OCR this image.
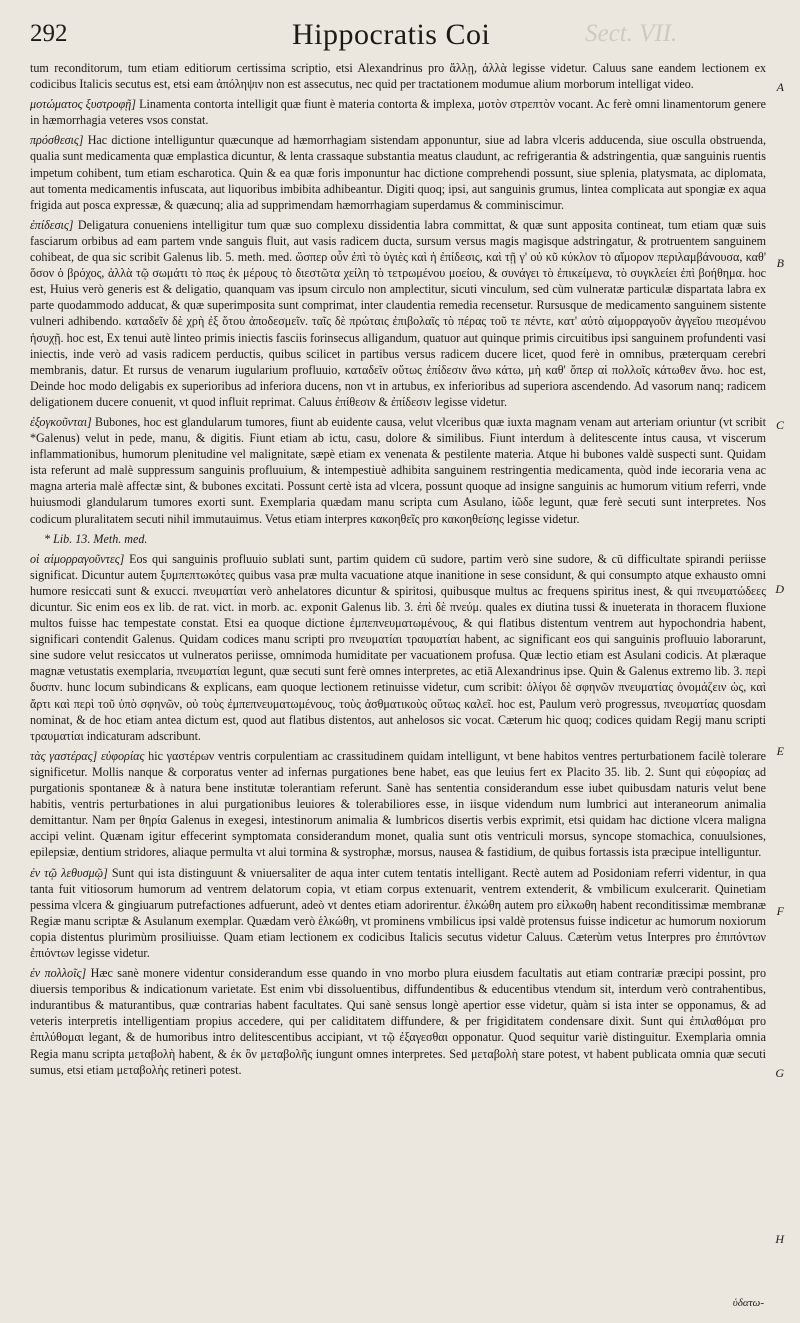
292	Hippocratis Coi	Sect. VII.

tum reconditorum, tum etiam editiorum certissima scriptio, etsi Alexandrinus pro ἄλλῃ, ἀλλὰ legisse videtur. Caluus sane eandem lectionem ex codicibus Italicis secutus est, etsi eam ἀπόληψιν non est assecutus, nec quid per tractationem modumue alium morborum intelligat video.

μοτώματος ξυστροφῇ] Linamenta contorta intelligit quæ fiunt è materia contorta & implexa, μοτὸν στρεπτὸν vocant. Ac ferè omni linamentorum genere in hæmorrhagia veteres vsos constat.

πρόσθεσις] Hac dictione intelliguntur quæcunque ad hæmorrhagiam sistendam apponuntur, siue ad labra vlceris adducenda, siue osculla obstruenda, qualia sunt medicamenta quæ emplastica dicuntur, & lenta crassaque substantia meatus claudunt, ac refrigerantia & adstringentia, quæ sanguinis ruentis impetum cohibent, tum etiam escharotica. Quin & ea quæ foris imponuntur hac dictione comprehendi possunt, siue splenia, platysmata, ac diplomata, aut tomenta medicamentis infuscata, aut liquoribus imbibita adhibeantur. Digiti quoq; ipsi, aut sanguinis grumus, lintea complicata aut spongiæ ex aqua frigida aut posca expressæ, & quæcunq; alia ad supprimendam hæmorrhagiam superdamus & comminiscimur.

ἐπίδεσις] Deligatura conueniens intelligitur tum quæ suo complexu dissidentia labra committat, & quæ sunt apposita contineat, tum etiam quæ suis fasciarum orbibus ad eam partem vnde sanguis fluit, aut vasis radicem ducta, sursum versus magis magisque adstringatur, & protruentem sanguinem cohibeat, de qua sic scribit Galenus lib. 5. meth. med. ὥσπερ οὖν ἐπὶ τὸ ὑγιὲς καὶ ἡ ἐπίδεσις, καὶ τῇ γ' οὐ κῦ κύκλον τὸ αἵμορον περιλαμβάνουσα, καθ' ὅσον ὁ βρόχος, ἀλλὰ τῷ σωμάτι τὸ πως ἐκ μέρους τὸ διεστῶτα χείλη τὸ τετρωμένου μοείου, & συνάγει τὸ ἐπικείμενα, τὸ συγκλείει ἐπὶ βοήθημα. hoc est, Huius verò generis est & deligatio, quanquam vas ipsum circulo non amplectitur, sicuti vinculum, sed cùm vulneratæ particulæ dispartata labra ex parte quodammodo adducat, & quæ superimposita sunt comprimat, inter claudentia remedia recensetur. Rursusque de medicamento sanguinem sistente vulneri adhibendo. καταδεῖν δὲ χρὴ ἐξ ὅτου ἀποδεσμεῖν. ταῖς δὲ πρώταις ἐπιβολαῖς τὸ πέρας τοῦ τε πέντε, κατ' αὐτὸ αἱμορραγοῦν ἀγγεῖου πιεσμένου ἡσυχῇ. hoc est, Ex tenui autè linteo primis iniectis fasciis forinsecus alligandum, quatuor aut quinque primis circuitibus ipsi sanguinem profundenti vasi iniectis, inde verò ad vasis radicem perductis, quibus scilicet in partibus versus radicem ducere licet, quod ferè in omnibus, præterquam cerebri membranis, datur. Et rursus de venarum iugularium profluuio, καταδεῖν οὕτως ἐπίδεσιν ἄνω κάτω, μὴ καθ' ὅπερ αἱ πολλοῖς κάτωθεν ἄνω. hoc est, Deinde hoc modo deligabis ex superioribus ad inferiora ducens, non vt in artubus, ex inferioribus ad superiora ascendendo. Ad vasorum nanq; radicem deligationem ducere conuenit, vt quod influit reprimat. Caluus ἐπίθεσιν & ἐπίδεσιν legisse videtur.

ἐξογκοῦνται] Bubones, hoc est glandularum tumores, fiunt ab euidente causa, velut vlceribus quæ iuxta magnam venam aut arteriam oriuntur (vt scribit *Galenus) velut in pede, manu, & digitis. Fiunt etiam ab ictu, casu, dolore & similibus. Fiunt interdum à delitescente intus causa, vt viscerum inflammationibus, humorum plenitudine vel malignitate, sæpè etiam ex venenata & pestilente materia. Atque hi bubones valdè suspecti sunt. Quidam ista referunt ad malè suppressum sanguinis profluuium, & intempestiuè adhibita sanguinem restringentia medicamenta, quòd inde iecoraria vena ac magna arteria malè affectæ sint, & bubones excitati. Possunt certè ista ad vlcera, possunt quoque ad insigne sanguinis ac humorum vitium referri, vnde huiusmodi glandularum tumores exorti sunt. Exemplaria quædam manu scripta cum Asulano, ἰῶδε legunt, quæ ferè secuti sunt interpretes. Nos codicum pluralitatem secuti nihil immutauimus. Vetus etiam interpres κακοηθεῖς pro κακοηθείσης legisse videtur.

* Lib. 13. Meth. med.

οἱ αἱμορραγοῦντες] Eos qui sanguinis profluuio sublati sunt, partim quidem cū sudore, partim verò sine sudore, & cū difficultate spirandi periisse significat. Dicuntur autem ξυμπεπτωκότες quibus vasa præ multa vacuatione atque inanitione in sese considunt, & qui consumpto atque exhausto omni humore resiccati sunt & exucci. πνευματίαι verò anhelatores dicuntur & spiritosi, quibusque multus ac frequens spiritus inest, & qui πνευματώδεες dicuntur. Sic enim eos ex lib. de rat. vict. in morb. ac. exponit Galenus lib. 3. ἐπὶ δὲ πνεύμ. quales ex diutina tussi & inueterata in thoracem fluxione multos fuisse hac tempestate constat. Etsi ea quoque dictione ἐμπεπνευματωμένους, & qui flatibus distentum ventrem aut hypochondria habent, significari contendit Galenus. Quidam codices manu scripti pro πνευματίαι τραυματίαι habent, ac significant eos qui sanguinis profluuio laborarunt, sine sudore velut resiccatos ut vulneratos periisse, omnimoda humiditate per vacuationem profusa. Quæ lectio etiam est Asulani codicis. At plæraque magnæ vetustatis exemplaria, πνευματίαι legunt, quæ secuti sunt ferè omnes interpretes, ac etiā Alexandrinus ipse. Quin & Galenus extremo lib. 3. περὶ δυσπν. hunc locum subindicans & explicans, eam quoque lectionem retinuisse videtur, cum scribit: ὀλίγοι δὲ σφηνῶν πνευματίας ὀνομάζειν ὡς, καὶ ἄρτι καὶ περὶ τοῦ ὑπὸ σφηνῶν, οὐ τοὺς ἐμπεπνευματωμένους, τοὺς ἀσθματικοὺς οὕτως καλεῖ. hoc est, Paulum verò progressus, πνευματίας quosdam nominat, & de hoc etiam antea dictum est, quod aut flatibus distentos, aut anhelosos sic vocat. Cæterum hic quoq; codices quidam Regij manu scripti τραυματίαι indicaturam adscribunt.

τὰς γαστέρας] εὐφορίας hic γαστέρων ventris corpulentiam ac crassitudinem quidam intelligunt, vt bene habitos ventres perturbationem facilè tolerare significetur. Mollis nanque & corporatus venter ad infernas purgationes bene habet, eas que leuius fert ex Placito 35. lib. 2. Sunt qui εὐφορίας ad purgationis spontaneæ & à natura bene institutæ tolerantiam referunt. Sanè has sententia considerandum esse iubet quibusdam naturis velut bene habitis, ventris perturbationes in alui purgationibus leuiores & tolerabiliores esse, in iisque videndum num lumbrici aut interaneorum animalia demittantur. Nam per θηρία Galenus in exegesi, intestinorum animalia & lumbricos disertis verbis exprimit, etsi quidam hac dictione vlcera maligna accipi velint. Quænam igitur effecerint symptomata considerandum monet, qualia sunt otis ventriculi morsus, syncope stomachica, conuulsiones, epilepsiæ, dentium stridores, aliaque permulta vt alui tormina & systrophæ, morsus, nausea & fastidium, de quibus fortassis ista præcipue intelliguntur.

ἐν τῷ λεθυσμῷ] Sunt qui ista distinguunt & vniuersaliter de aqua inter cutem tentatis intelligant. Rectè autem ad Posidoniam referri videntur, in qua tanta fuit vitiosorum humorum ad ventrem delatorum copia, vt etiam corpus extenuarit, ventrem extenderit, & vmbilicum exulcerarit. Quinetiam pessima vlcera & gingiuarum putrefactiones adfuerunt, adeò vt dentes etiam adorirentur. ἑλκώθη autem pro εἰλκωθη habent reconditissimæ membranæ Regiæ manu scriptæ & Asulanum exemplar. Quædam verò ἑλκώθη, vt prominens vmbilicus ipsi valdè protensus fuisse indicetur ac humorum noxiorum copia distentus plurimùm prosiliuisse. Quam etiam lectionem ex codicibus Italicis secutus videtur Caluus. Cæterùm vetus Interpres pro ἐπιπόντων ἐπιόντων legisse videtur.

ἐν πολλοῖς] Hæc sanè monere videntur considerandum esse quando in vno morbo plura eiusdem facultatis aut etiam contrariæ præcipi possint, pro diuersis temporibus & indicationum varietate. Est enim vbi dissoluentibus, diffundentibus & educentibus vtendum sit, interdum verò contrahentibus, indurantibus & maturantibus, quæ contrarias habent facultates. Qui sanè sensus longè apertior esse videtur, quàm si ista inter se opponamus, & ad veteris interpretis intelligentiam propius accedere, qui per caliditatem diffundere, & per frigiditatem condensare dixit. Sunt qui ἐπιλαθόμαι pro ἐπιλύθομαι legant, & de humoribus intro delitescentibus accipiant, vt τῷ ἐξαγεσθαι opponatur. Quod sequitur variè distinguitur. Exemplaria omnia Regia manu scripta μεταβολὴ habent, & ἐκ ὃν μεταβολῆς iungunt omnes interpretes. Sed μεταβολὴ stare potest, vt habent publicata omnia quæ secuti sumus, etsi etiam μεταβολὴς retineri potest.

A
B
C
D
E
F
G
H
ὑδατω-
